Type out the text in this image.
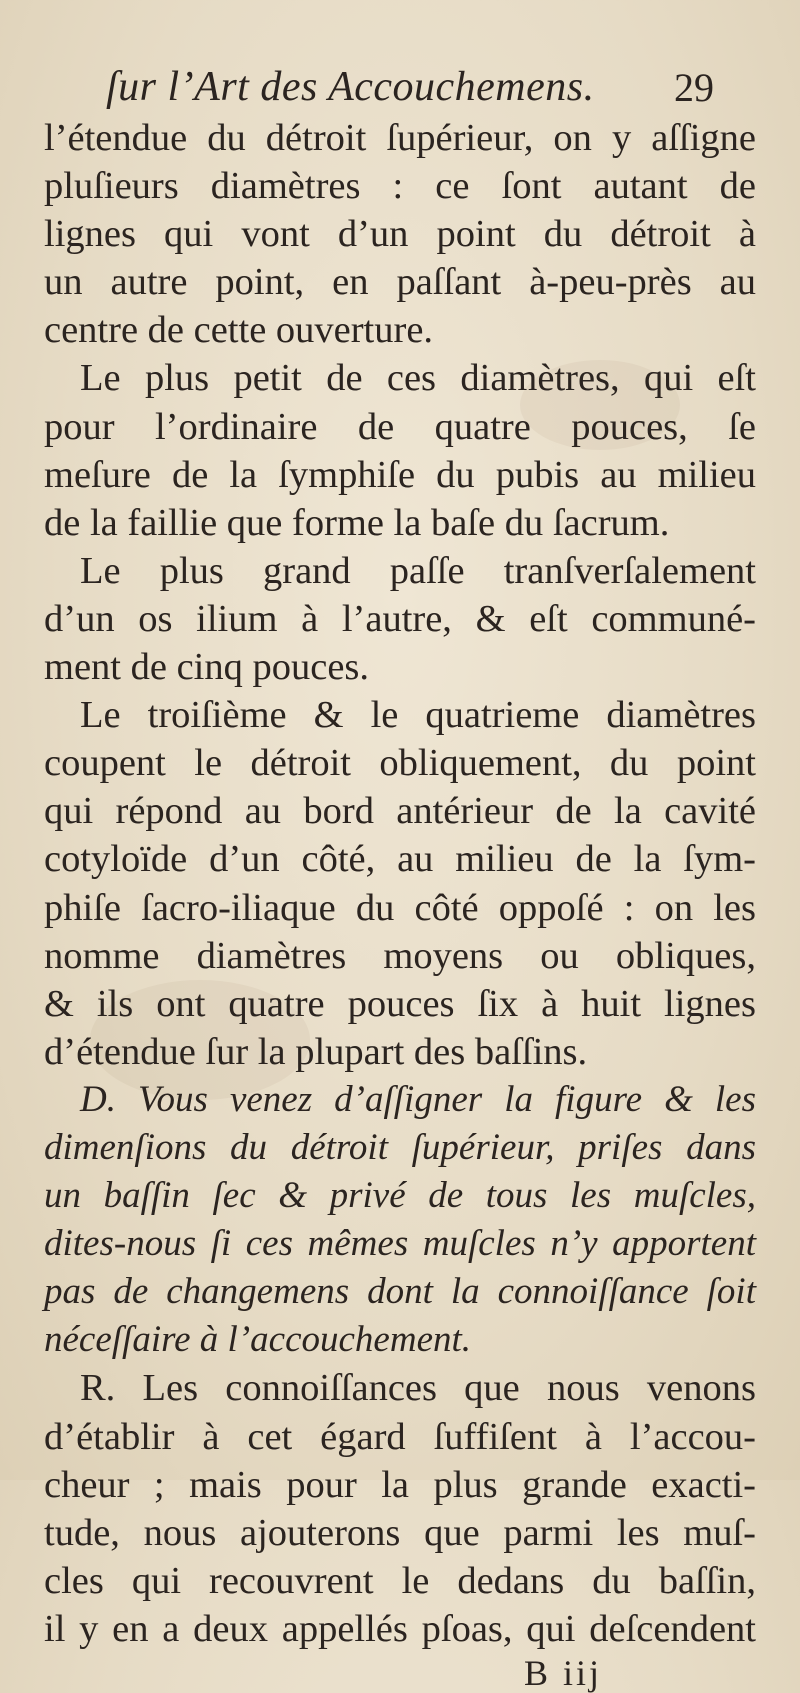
ſur l’Art des Accouchemens. 29
l’étendue du détroit ſupérieur, on y aſſigne
pluſieurs diamètres : ce ſont autant de
lignes qui vont d’un point du détroit à
un autre point, en paſſant à-peu-près au
centre de cette ouverture.
Le plus petit de ces diamètres, qui eſt
pour l’ordinaire de quatre pouces, ſe
meſure de la ſymphiſe du pubis au milieu
de la faillie que forme la baſe du ſacrum.
Le plus grand paſſe tranſverſalement
d’un os ilium à l’autre, & eſt communé-
ment de cinq pouces.
Le troiſième & le quatrieme diamètres
coupent le détroit obliquement, du point
qui répond au bord antérieur de la cavité
cotyloïde d’un côté, au milieu de la ſym-
phiſe ſacro-iliaque du côté oppoſé : on les
nomme diamètres moyens ou obliques,
& ils ont quatre pouces ſix à huit lignes
d’étendue ſur la plupart des baſſins.
D. Vous venez d’aſſigner la figure & les
dimenſions du détroit ſupérieur, priſes dans
un baſſin ſec & privé de tous les muſcles,
dites-nous ſi ces mêmes muſcles n’y apportent
pas de changemens dont la connoiſſance ſoit
néceſſaire à l’accouchement.
R. Les connoiſſances que nous venons
d’établir à cet égard ſuffiſent à l’accou-
cheur ; mais pour la plus grande exacti-
tude, nous ajouterons que parmi les muſ-
cles qui recouvrent le dedans du baſſin,
il y en a deux appellés pſoas, qui deſcendent
B iij
